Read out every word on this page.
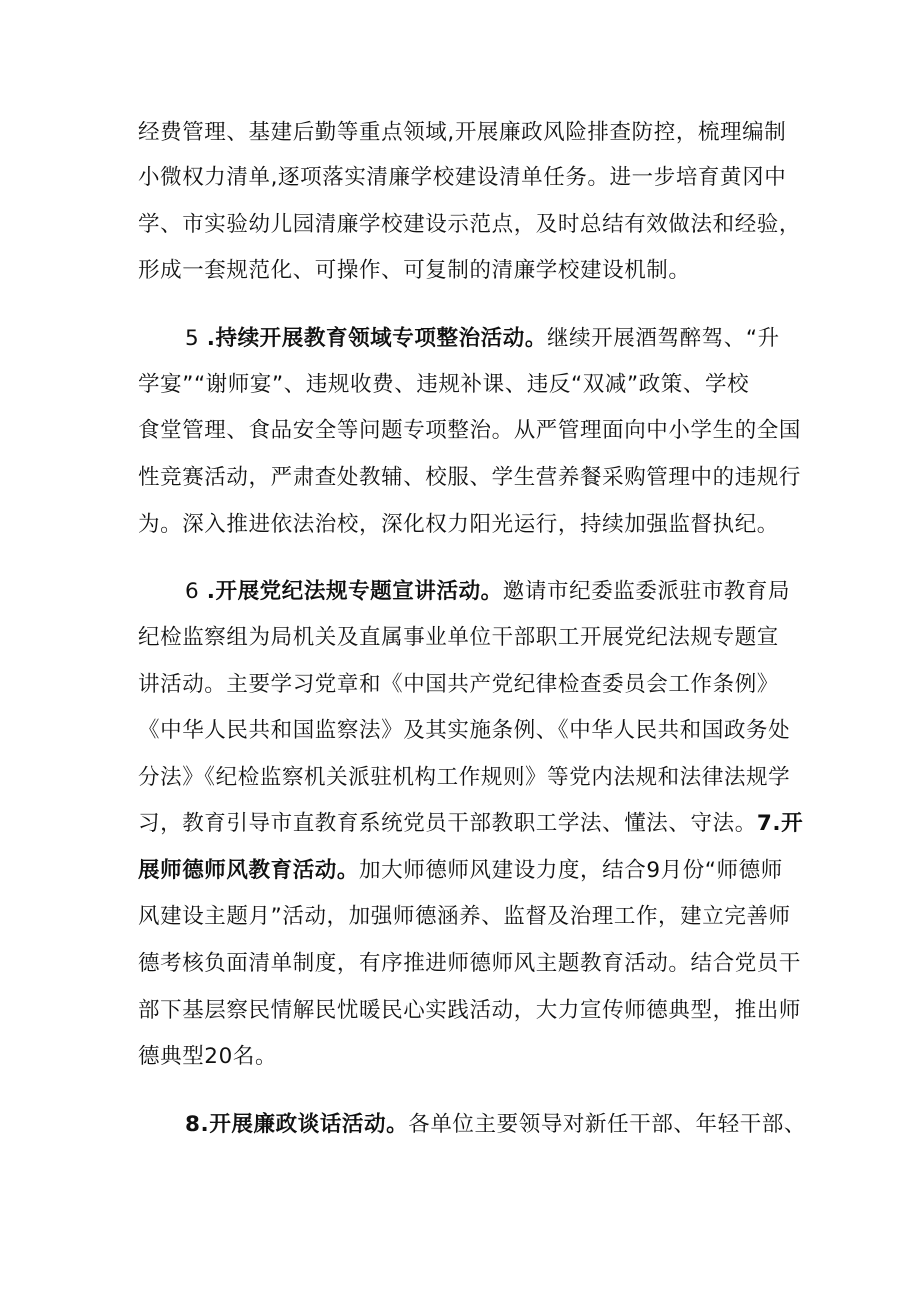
经费管理、基建后勤等重点领域,开展廉政风险排查防控，梳理编制
小微权力清单,逐项落实清廉学校建设清单任务。进一步培育黄冈中
学、市实验幼儿园清廉学校建设示范点，及时总结有效做法和经验，
形成一套规范化、可操作、可复制的清廉学校建设机制。
5 .持续开展教育领域专项整治活动。继续开展酒驾醉驾、“升
学宴”“谢师宴”、违规收费、违规补课、违反“双减”政策、学校
食堂管理、食品安全等问题专项整治。从严管理面向中小学生的全国
性竞赛活动，严肃查处教辅、校服、学生营养餐采购管理中的违规行
为。深入推进依法治校，深化权力阳光运行，持续加强监督执纪。
6 .开展党纪法规专题宣讲活动。邀请市纪委监委派驻市教育局
纪检监察组为局机关及直属事业单位干部职工开展党纪法规专题宣
讲活动。主要学习党章和《中国共产党纪律检查委员会工作条例》
《中华人民共和国监察法》及其实施条例、《中华人民共和国政务处
分法》《纪检监察机关派驻机构工作规则》等党内法规和法律法规学
习，教育引导市直教育系统党员干部教职工学法、懂法、守法。7.开
展师德师风教育活动。加大师德师风建设力度，结合9月份“师德师
风建设主题月”活动，加强师德涵养、监督及治理工作，建立完善师
德考核负面清单制度，有序推进师德师风主题教育活动。结合党员干
部下基层察民情解民忧暖民心实践活动，大力宣传师德典型，推出师
德典型20名。
8.开展廉政谈话活动。各单位主要领导对新任干部、年轻干部、
